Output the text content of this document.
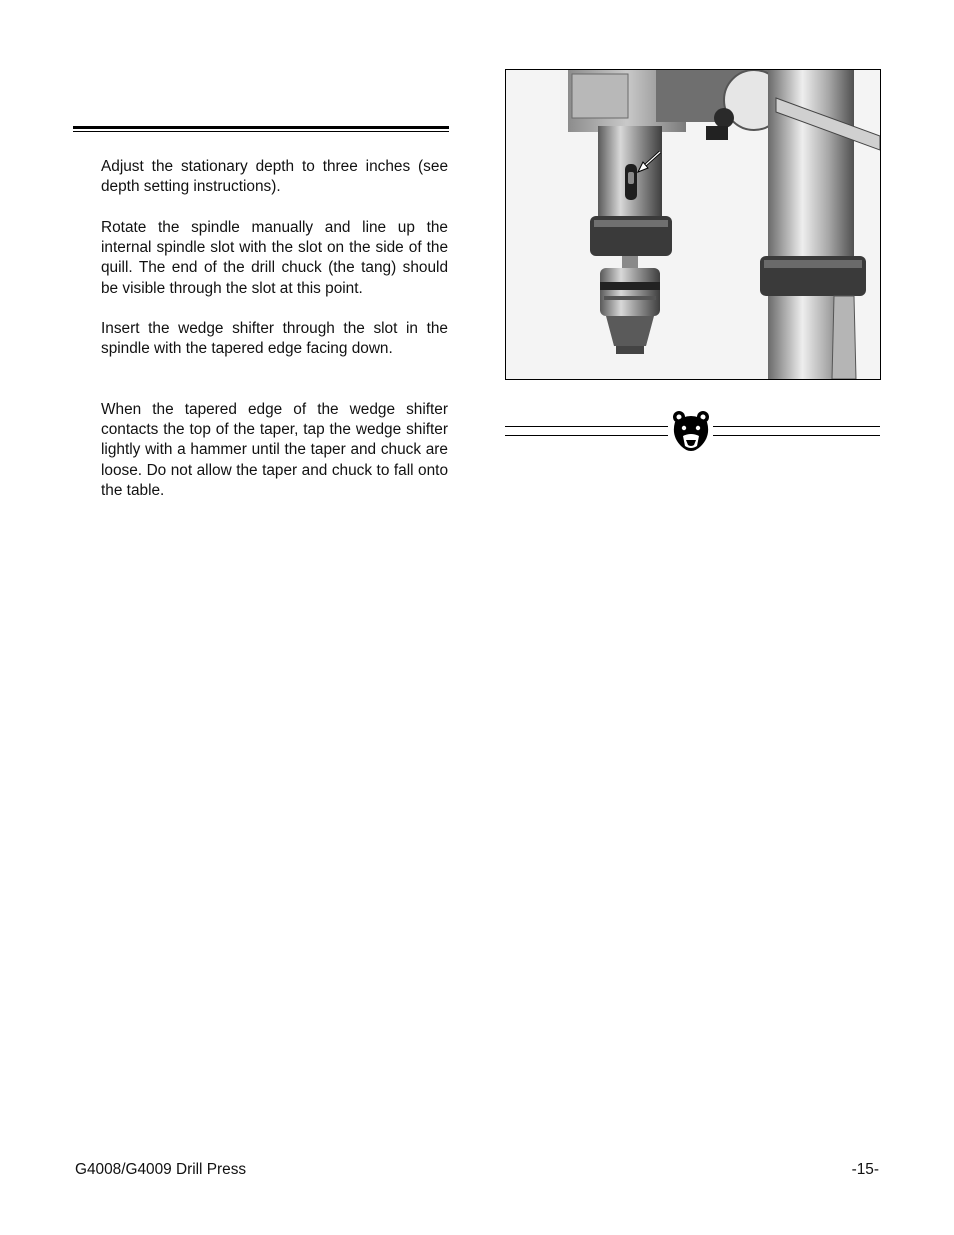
Adjust the stationary depth to three inches (see depth setting instructions).

Rotate the spindle manually and line up the internal spindle slot with the slot on the side of the quill. The end of the drill chuck (the tang) should be visible through the slot at this point.

Insert the wedge shifter through the slot in the spindle with the tapered edge facing down.

When the tapered edge of the wedge shifter contacts the top of the taper, tap the wedge shifter lightly with a hammer until the taper and chuck are loose. Do not allow the taper and chuck to fall onto the table.

G4008/G4009 Drill Press	-15-
